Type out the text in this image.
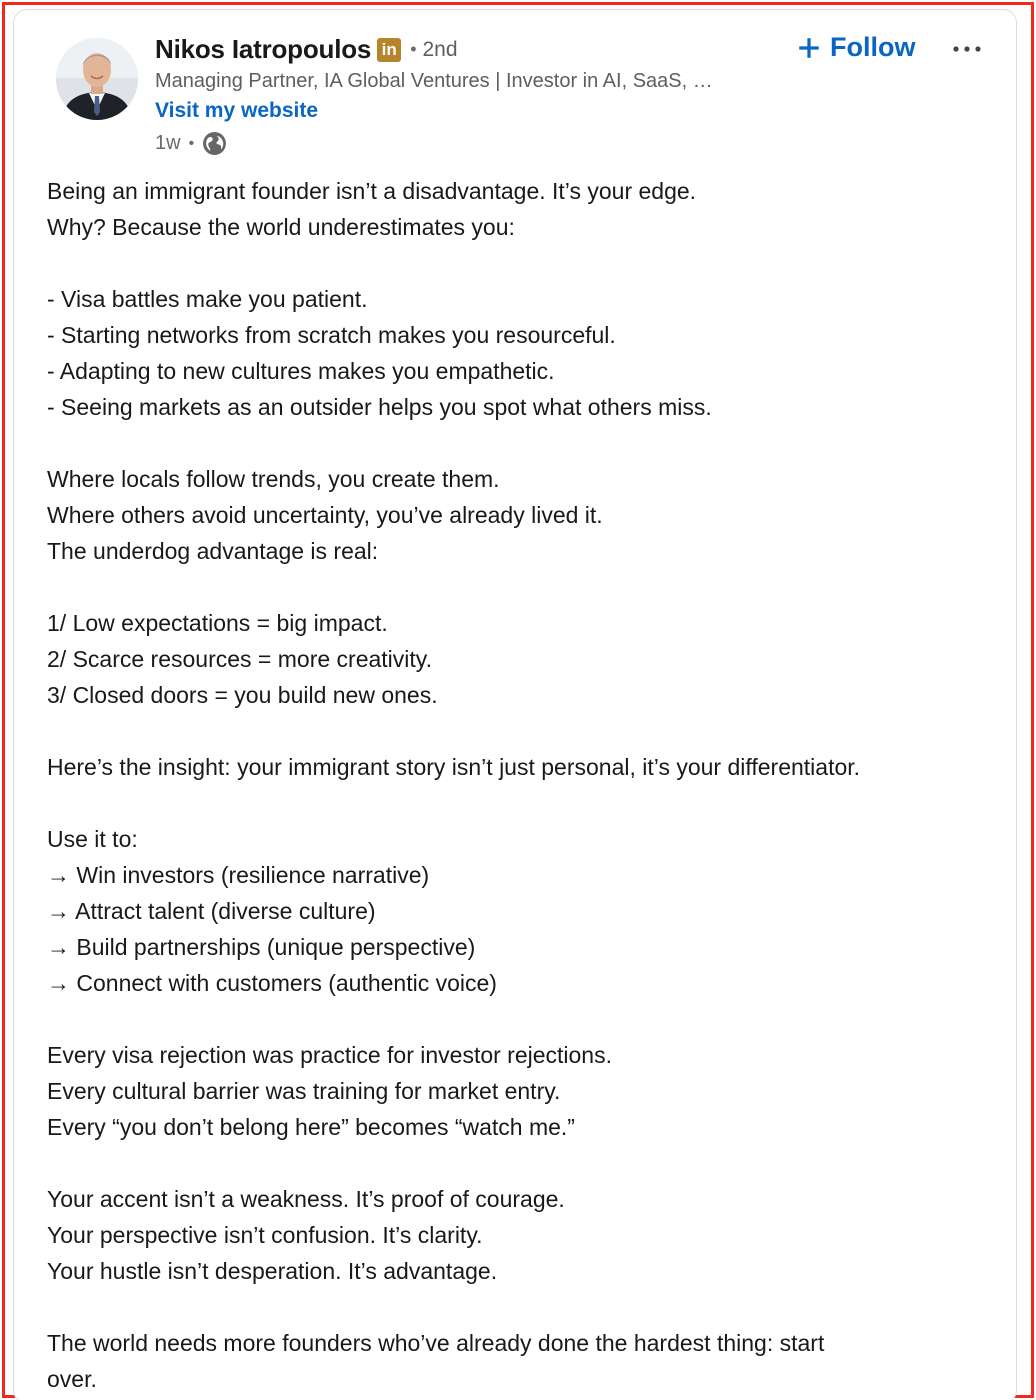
Nikos Iatropoulos in • 2nd
Managing Partner, IA Global Ventures | Investor in AI, SaaS, …
Visit my website
1w •
Follow
Being an immigrant founder isn’t a disadvantage. It’s your edge.
Why? Because the world underestimates you:
- Visa battles make you patient.
- Starting networks from scratch makes you resourceful.
- Adapting to new cultures makes you empathetic.
- Seeing markets as an outsider helps you spot what others miss.
Where locals follow trends, you create them.
Where others avoid uncertainty, you’ve already lived it.
The underdog advantage is real:
1/ Low expectations = big impact.
2/ Scarce resources = more creativity.
3/ Closed doors = you build new ones.
Here’s the insight: your immigrant story isn’t just personal, it’s your differentiator.
Use it to:
→ Win investors (resilience narrative)
→ Attract talent (diverse culture)
→ Build partnerships (unique perspective)
→ Connect with customers (authentic voice)
Every visa rejection was practice for investor rejections.
Every cultural barrier was training for market entry.
Every “you don’t belong here” becomes “watch me.”
Your accent isn’t a weakness. It’s proof of courage.
Your perspective isn’t confusion. It’s clarity.
Your hustle isn’t desperation. It’s advantage.
The world needs more founders who’ve already done the hardest thing: start
over.
